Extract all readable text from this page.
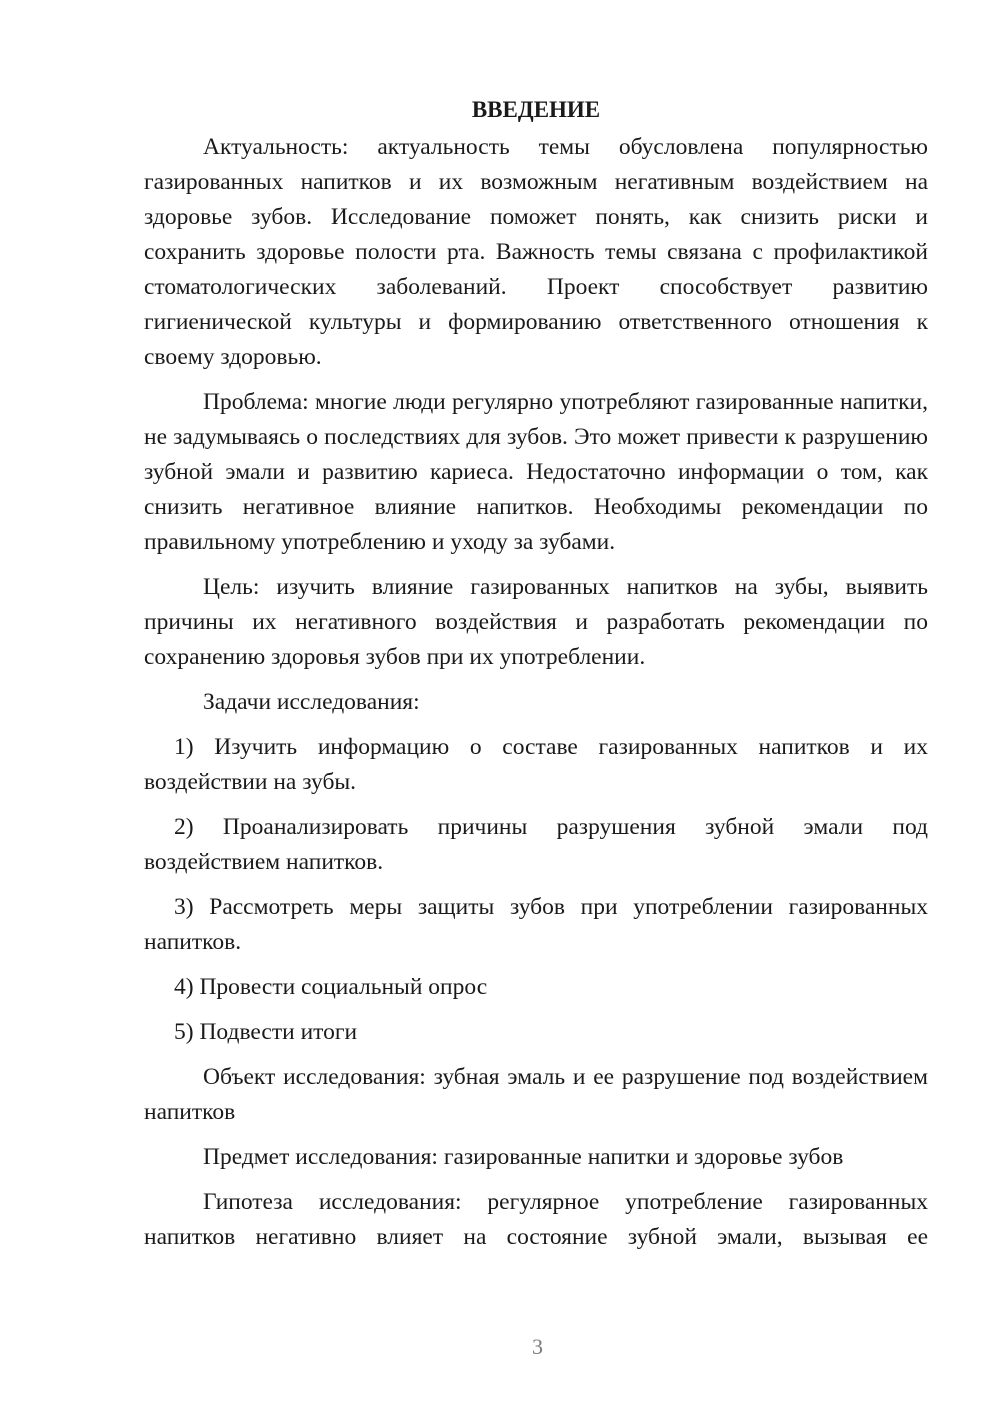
ВВЕДЕНИЕ

Актуальность: актуальность темы обусловлена популярностью газированных напитков и их возможным негативным воздействием на здоровье зубов. Исследование поможет понять, как снизить риски и сохранить здоровье полости рта. Важность темы связана с профилактикой стоматологических заболеваний. Проект способствует развитию гигиенической культуры и формированию ответственного отношения к своему здоровью.

Проблема: многие люди регулярно употребляют газированные напитки, не задумываясь о последствиях для зубов. Это может привести к разрушению зубной эмали и развитию кариеса. Недостаточно информации о том, как снизить негативное влияние напитков. Необходимы рекомендации по правильному употреблению и уходу за зубами.

Цель: изучить влияние газированных напитков на зубы, выявить причины их негативного воздействия и разработать рекомендации по сохранению здоровья зубов при их употреблении.

Задачи исследования:

1) Изучить информацию о составе газированных напитков и их воздействии на зубы.

2) Проанализировать причины разрушения зубной эмали под воздействием напитков.

3) Рассмотреть меры защиты зубов при употреблении газированных напитков.

4) Провести социальный опрос

5) Подвести итоги

Объект исследования: зубная эмаль и ее разрушение под воздействием напитков

Предмет исследования: газированные напитки и здоровье зубов

Гипотеза исследования: регулярное употребление газированных напитков негативно влияет на состояние зубной эмали, вызывая ее

3
